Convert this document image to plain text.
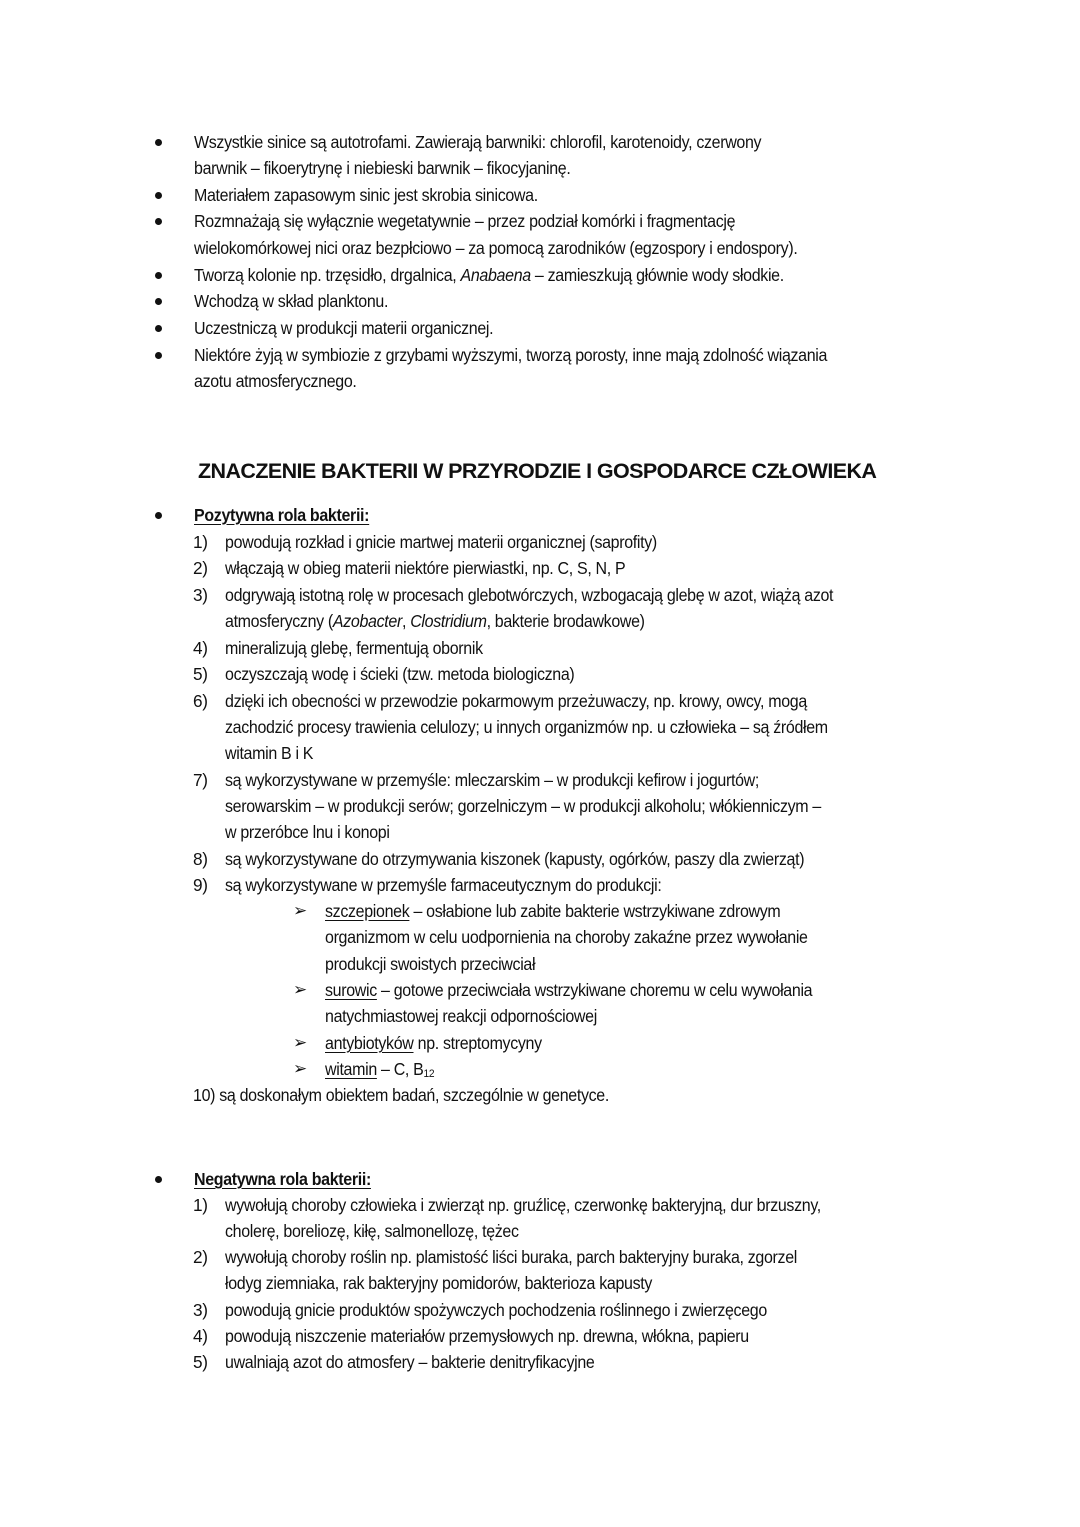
Wszystkie sinice są autotrofami. Zawierają barwniki: chlorofil, karotenoidy, czerwony
barwnik – fikoerytrynę i niebieski barwnik – fikocyjaninę.
Materiałem zapasowym sinic jest skrobia sinicowa.
Rozmnażają się wyłącznie wegetatywnie – przez podział komórki i fragmentację
wielokomórkowej nici oraz bezpłciowo – za pomocą zarodników (egzospory i endospory).
Tworzą kolonie np. trzęsidło, drgalnica, Anabaena – zamieszkują głównie wody słodkie.
Wchodzą w skład planktonu.
Uczestniczą w produkcji materii organicznej.
Niektóre żyją w symbiozie z grzybami wyższymi, tworzą porosty, inne mają zdolność wiązania
azotu atmosferycznego.
ZNACZENIE BAKTERII W PRZYRODZIE I GOSPODARCE CZŁOWIEKA
Pozytywna rola bakterii:
1) powodują rozkład i gnicie martwej materii organicznej (saprofity)
2) włączają w obieg materii niektóre pierwiastki, np. C, S, N, P
3) odgrywają istotną rolę w procesach glebotwórczych, wzbogacają glebę w azot, wiążą azot
atmosferyczny (Azobacter, Clostridium, bakterie brodawkowe)
4) mineralizują glebę, fermentują obornik
5) oczyszczają wodę i ścieki (tzw. metoda biologiczna)
6) dzięki ich obecności w przewodzie pokarmowym przeżuwaczy, np. krowy, owcy, mogą
zachodzić procesy trawienia celulozy; u innych organizmów np. u człowieka – są źródłem
witamin B i K
7) są wykorzystywane w przemyśle: mleczarskim – w produkcji kefirow i jogurtów;
serowarskim – w produkcji serów; gorzelniczym – w produkcji alkoholu; włókienniczym –
w przeróbce lnu i konopi
8) są wykorzystywane do otrzymywania kiszonek (kapusty, ogórków, paszy dla zwierząt)
9) są wykorzystywane w przemyśle farmaceutycznym do produkcji:
➢ szczepionek – osłabione lub zabite bakterie wstrzykiwane zdrowym
organizmom w celu uodpornienia na choroby zakaźne przez wywołanie
produkcji swoistych przeciwciał
➢ surowic – gotowe przeciwciała wstrzykiwane choremu w celu wywołania
natychmiastowej reakcji odpornościowej
➢ antybiotyków np. streptomycyny
➢ witamin – C, $B_{12}$
10) są doskonałym obiektem badań, szczególnie w genetyce.
Negatywna rola bakterii:
1) wywołują choroby człowieka i zwierząt np. gruźlicę, czerwonkę bakteryjną, dur brzuszny,
cholerę, boreliozę, kiłę, salmonellozę, tężec
2) wywołują choroby roślin np. plamistość liści buraka, parch bakteryjny buraka, zgorzel
łodyg ziemniaka, rak bakteryjny pomidorów, bakterioza kapusty
3) powodują gnicie produktów spożywczych pochodzenia roślinnego i zwierzęcego
4) powodują niszczenie materiałów przemysłowych np. drewna, włókna, papieru
5) uwalniają azot do atmosfery – bakterie denitryfikacyjne
